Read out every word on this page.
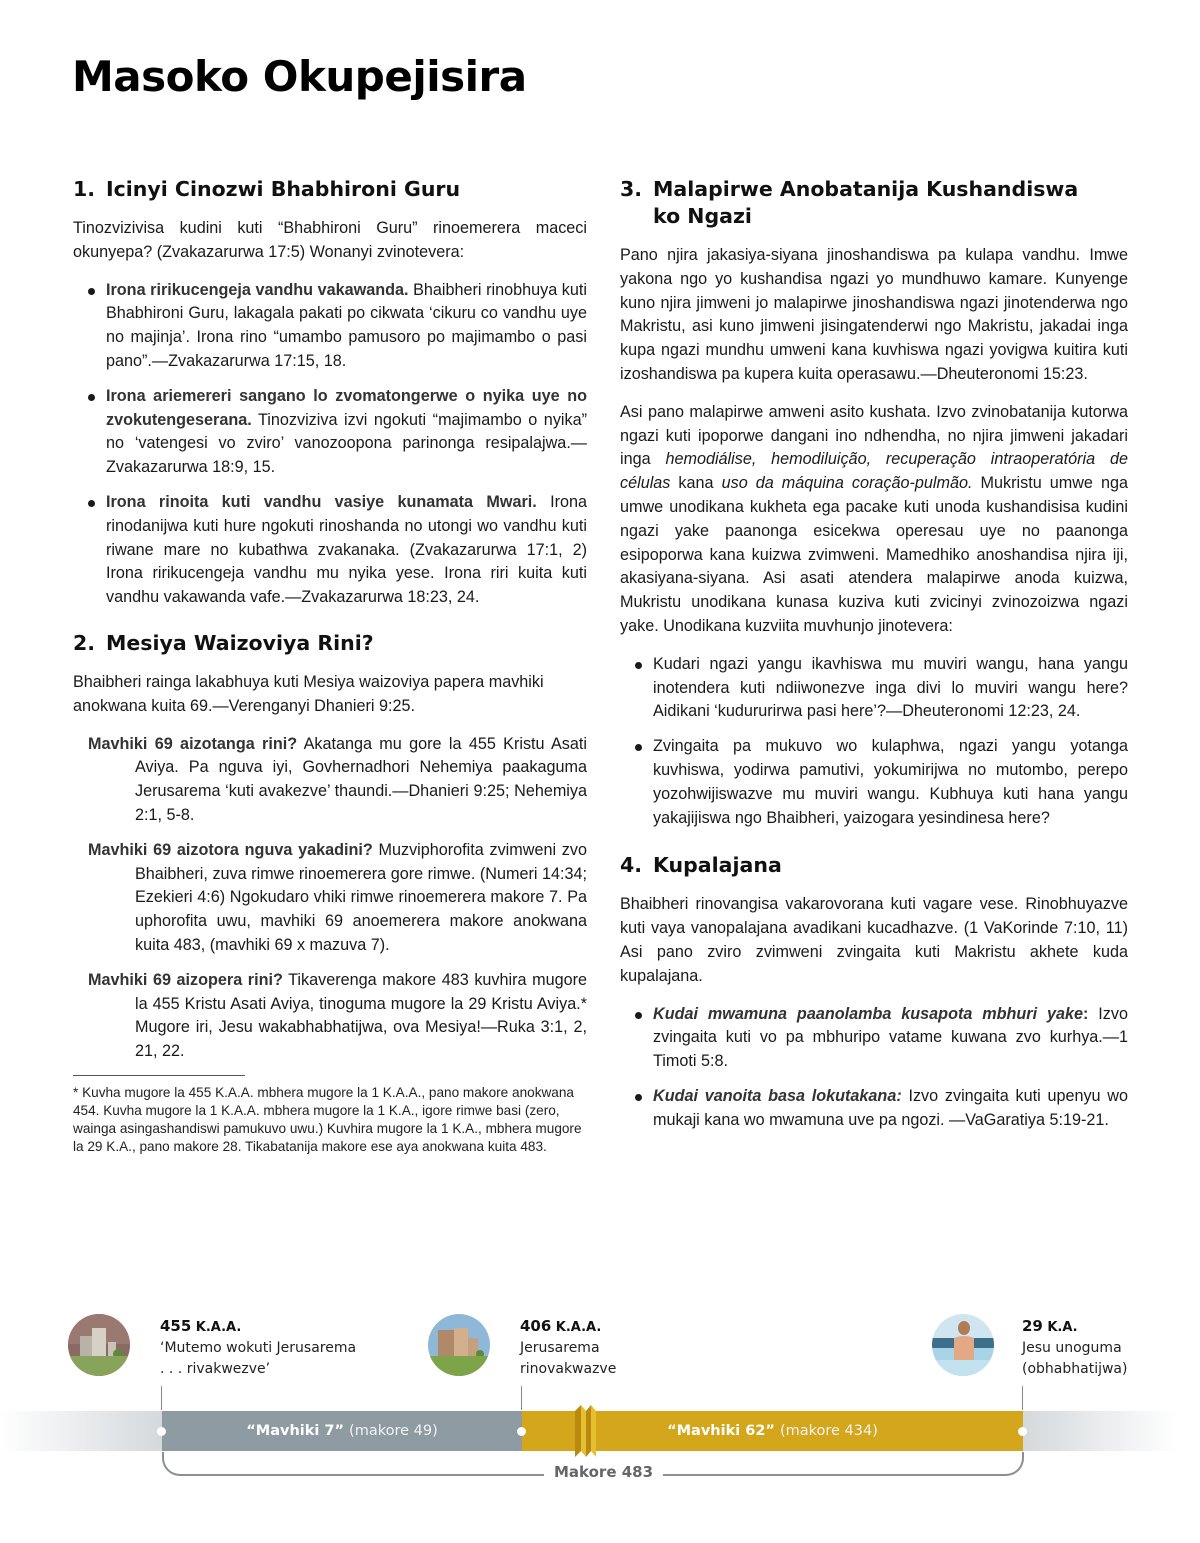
Masoko Okupejisira
1. Icinyi Cinozwi Bhabhironi Guru

Tinozvizivisa kudini kuti “Bhabhironi Guru” rinoemerera maceci okunyepa? (Zvakazarurwa 17:5) Wonanyi zvinotevera:

Irona ririkucengeja vandhu vakawanda. Bhaibheri rinobhuya kuti Bhabhironi Guru, lakagala pakati po cikwata ‘cikuru co vandhu uye no majinja’. Irona rino “umambo pamusoro po majimambo o pasi pano”.—Zvakazarurwa 17:15, 18.
Irona ariemereri sangano lo zvomatongerwe o nyika uye no zvokutengeserana. Tinozviziva izvi ngokuti “majimambo o nyika” no ‘vatengesi vo zviro’ vanozoopona parinonga resipalajwa.—Zvakazarurwa 18:9, 15.
Irona rinoita kuti vandhu vasiye kunamata Mwari. Irona rinodanijwa kuti hure ngokuti rinoshanda no utongi wo vandhu kuti riwane mare no kubathwa zvakanaka. (Zvakazarurwa 17:1, 2) Irona ririkucengeja vandhu mu nyika yese. Irona riri kuita kuti vandhu vakawanda vafe.—Zvakazarurwa 18:23, 24.
2. Mesiya Waizoviya Rini?

Bhaibheri rainga lakabhuya kuti Mesiya waizoviya papera mavhiki anokwana kuita 69.—Verenganyi Dhanieri 9:25.

Mavhiki 69 aizotanga rini? Akatanga mu gore la 455 Kristu Asati Aviya. Pa nguva iyi, Govhernadhori Nehemiya paakaguma Jerusarema ‘kuti avakezve’ thaundi.—Dhanieri 9:25; Nehemiya 2:1, 5-8.

Mavhiki 69 aizotora nguva yakadini? Muzviphorofita zvimweni zvo Bhaibheri, zuva rimwe rinoemerera gore rimwe. (Numeri 14:34; Ezekieri 4:6) Ngokudaro vhiki rimwe rinoemerera makore 7. Pa uphorofita uwu, mavhiki 69 anoemerera makore anokwana kuita 483, (mavhiki 69 x mazuva 7).

Mavhiki 69 aizopera rini? Tikaverenga makore 483 kuvhira mugore la 455 Kristu Asati Aviya, tinoguma mugore la 29 Kristu Aviya.* Mugore iri, Jesu wakabhabhatijwa, ova Mesiya!—Ruka 3:1, 2, 21, 22.

* Kuvha mugore la 455 K.A.A. mbhera mugore la 1 K.A.A., pano makore anokwana 454. Kuvha mugore la 1 K.A.A. mbhera mugore la 1 K.A., igore rimwe basi (zero, wainga asingashandiswi pamukuvo uwu.) Kuvhira mugore la 1 K.A., mbhera mugore la 29 K.A., pano makore 28. Tikabatanija makore ese aya anokwana kuita 483.

3. Malapirwe Anobatanija Kushandiswa ko Ngazi

Pano njira jakasiya-siyana jinoshandiswa pa kulapa vandhu. Imwe yakona ngo yo kushandisa ngazi yo mundhuwo kamare. Kunyenge kuno njira jimweni jo malapirwe jinoshandiswa ngazi jinotenderwa ngo Makristu, asi kuno jimweni jisingatenderwi ngo Makristu, jakadai inga kupa ngazi mundhu umweni kana kuvhiswa ngazi yovigwa kuitira kuti izoshandiswa pa kupera kuita operasawu.—Dheuteronomi 15:23.

Asi pano malapirwe amweni asito kushata. Izvo zvinobatanija kutorwa ngazi kuti ipoporwe dangani ino ndhendha, no njira jimweni jakadari inga hemodiálise, hemodiluição, recuperação intraoperatória de células kana uso da máquina coração-pulmão. Mukristu umwe nga umwe unodikana kukheta ega pacake kuti unoda kushandisisa kudini ngazi yake paanonga esicekwa operesau uye no paanonga esipoporwa kana kuizwa zvimweni. Mamedhiko anoshandisa njira iji, akasiyana-siyana. Asi asati atendera malapirwe anoda kuizwa, Mukristu unodikana kunasa kuziva kuti zvicinyi zvinozoizwa ngazi yake. Unodikana kuzviita muvhunjo jinotevera:

Kudari ngazi yangu ikavhiswa mu muviri wangu, hana yangu inotendera kuti ndiiwonezve inga divi lo muviri wangu here? Aidikani ‘kudururirwa pasi here’?—Dheuteronomi 12:23, 24.
Zvingaita pa mukuvo wo kulaphwa, ngazi yangu yotanga kuvhiswa, yodirwa pamutivi, yokumirijwa no mutombo, perepo yozohwijiswazve mu muviri wangu. Kubhuya kuti hana yangu yakajijiswa ngo Bhaibheri, yaizogara yesindinesa here?
4. Kupalajana

Bhaibheri rinovangisa vakarovorana kuti vagare vese. Rinobhuyazve kuti vaya vanopalajana avadikani kucadhazve. (1 VaKorinde 7:10, 11) Asi pano zviro zvimweni zvingaita kuti Makristu akhete kuda kupalajana.

Kudai mwamuna paanolamba kusapota mbhuri yake: Izvo zvingaita kuti vo pa mbhuripo vatame kuwana zvo kurhya.—1 Timoti 5:8.
Kudai vanoita basa lokutakana: Izvo zvingaita kuti upenyu wo mukaji kana wo mwamuna uve pa ngozi. —VaGaratiya 5:19-21.
455 K.A.A.
‘Mutemo wokuti Jerusarema
. . . rivakwezve’
406 K.A.A.
Jerusarema
rinovakwazve
29 K.A.
Jesu unoguma
(obhabhatijwa)
“Mavhiki 7” (makore 49)	“Mavhiki 62” (makore 434)
Makore 483
